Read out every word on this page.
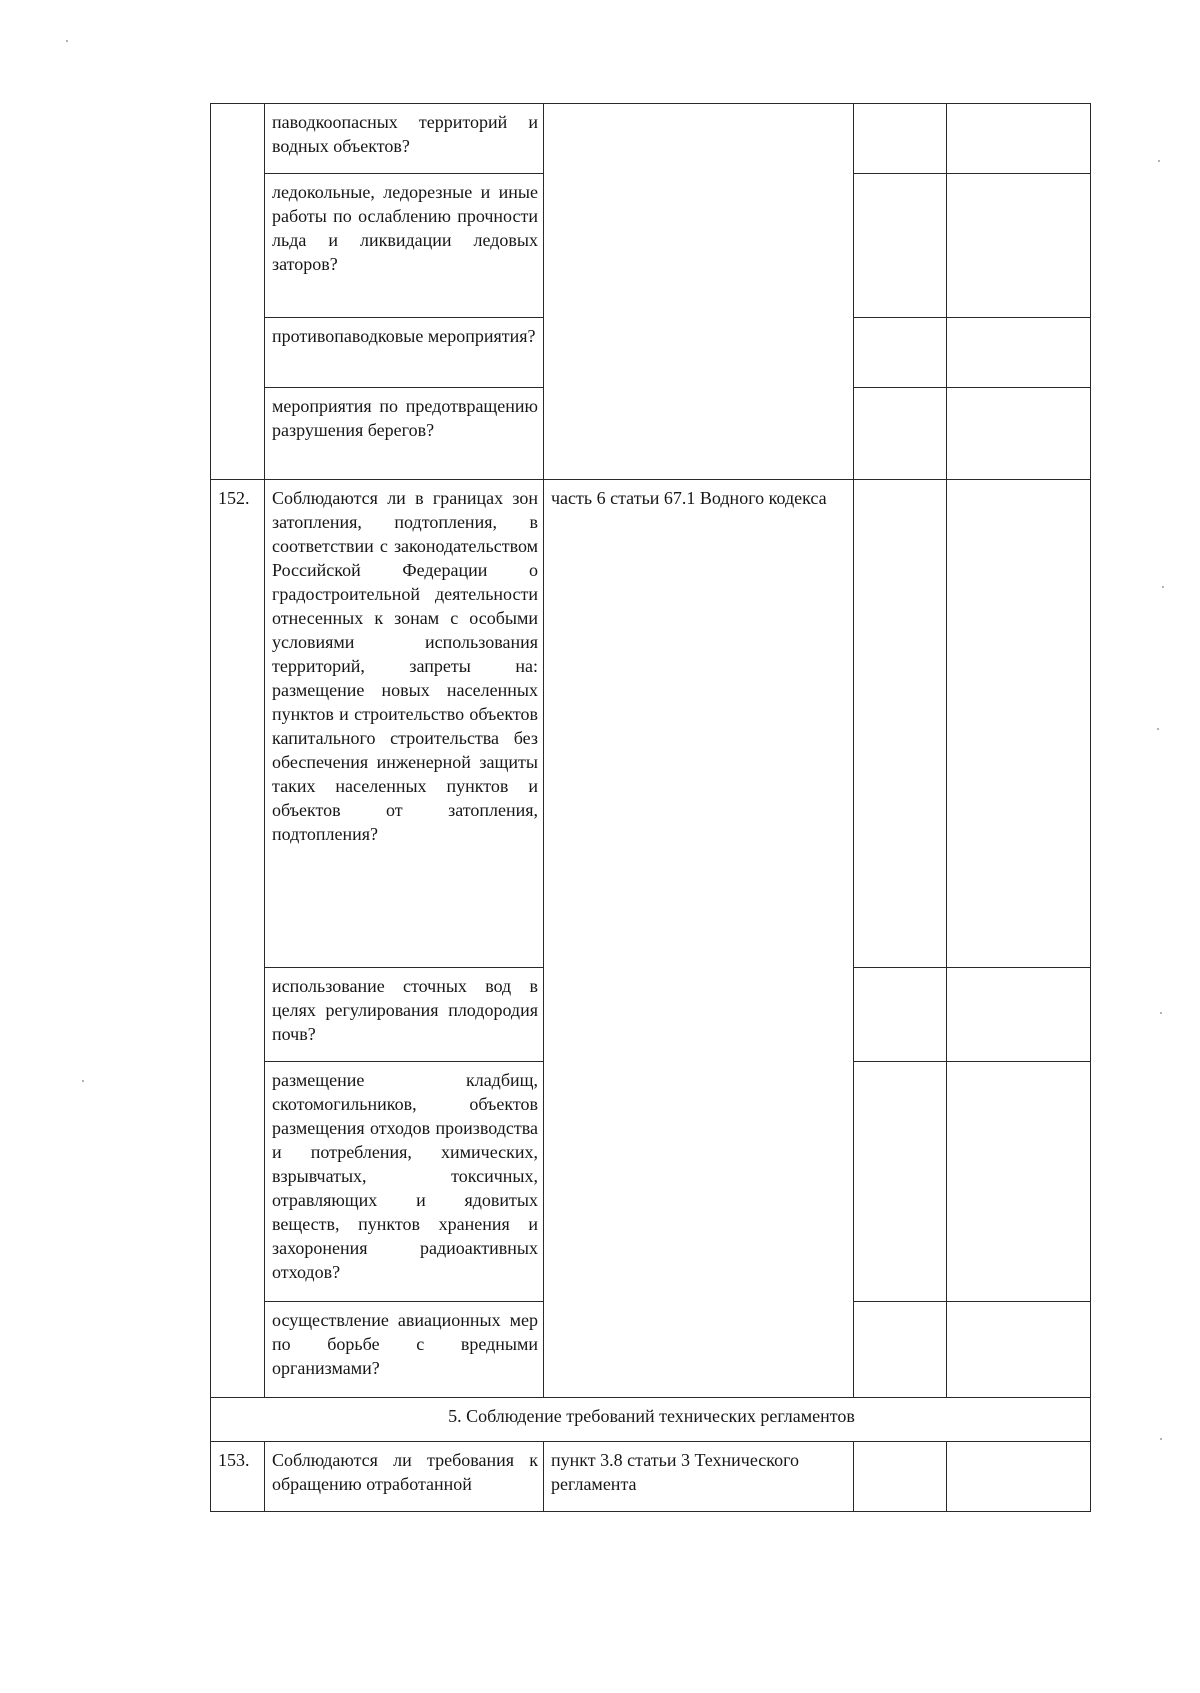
	паводкоопасных территорий и водных объектов?			
	ледокольные, ледорезные и иные работы по ослаблению прочности льда и ликвидации ледовых заторов?			
	противопаводковые мероприятия?			
	мероприятия по предотвращению разрушения берегов?			
152.	Соблюдаются ли в границах зон затопления, подтопления, в соответствии с законодательством Российской Федерации о градостроительной деятельности отнесенных к зонам с особыми условиями использования территорий, запреты на: размещение новых населенных пунктов и строительство объектов капитального строительства без обеспечения инженерной защиты таких населенных пунктов и объектов от затопления, подтопления?	часть 6 статьи 67.1 Водного кодекса		
	использование сточных вод в целях регулирования плодородия почв?			
	размещение кладбищ, скотомогильников, объектов размещения отходов производства и потребления, химических, взрывчатых, токсичных, отравляющих и ядовитых веществ, пунктов хранения и захоронения радиоактивных отходов?			
	осуществление авиационных мер по борьбе с вредными организмами?			
5. Соблюдение требований технических регламентов				
153.	Соблюдаются ли требования к обращению отработанной	пункт 3.8 статьи 3 Технического регламента		
